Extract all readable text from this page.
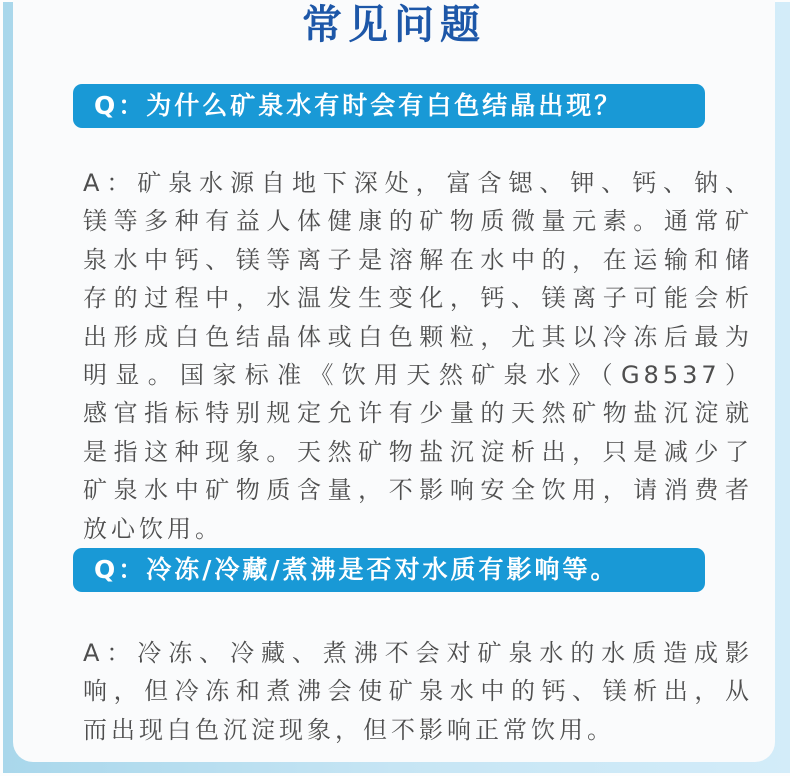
常见问题
Q：为什么矿泉水有时会有白色结晶出现？
A：矿泉水源自地下深处，富含锶、钾、钙、钠、
镁等多种有益人体健康的矿物质微量元素。通常矿
泉水中钙、镁等离子是溶解在水中的，在运输和储
存的过程中，水温发生变化，钙、镁离子可能会析
出形成白色结晶体或白色颗粒，尤其以冷冻后最为
明显。国家标准《饮用天然矿泉水》（G8537）
感官指标特别规定允许有少量的天然矿物盐沉淀就
是指这种现象。天然矿物盐沉淀析出，只是减少了
矿泉水中矿物质含量，不影响安全饮用，请消费者
放心饮用。
Q：冷冻/冷藏/煮沸是否对水质有影响等。
A：冷冻、冷藏、煮沸不会对矿泉水的水质造成影
响，但冷冻和煮沸会使矿泉水中的钙、镁析出，从
而出现白色沉淀现象，但不影响正常饮用。
